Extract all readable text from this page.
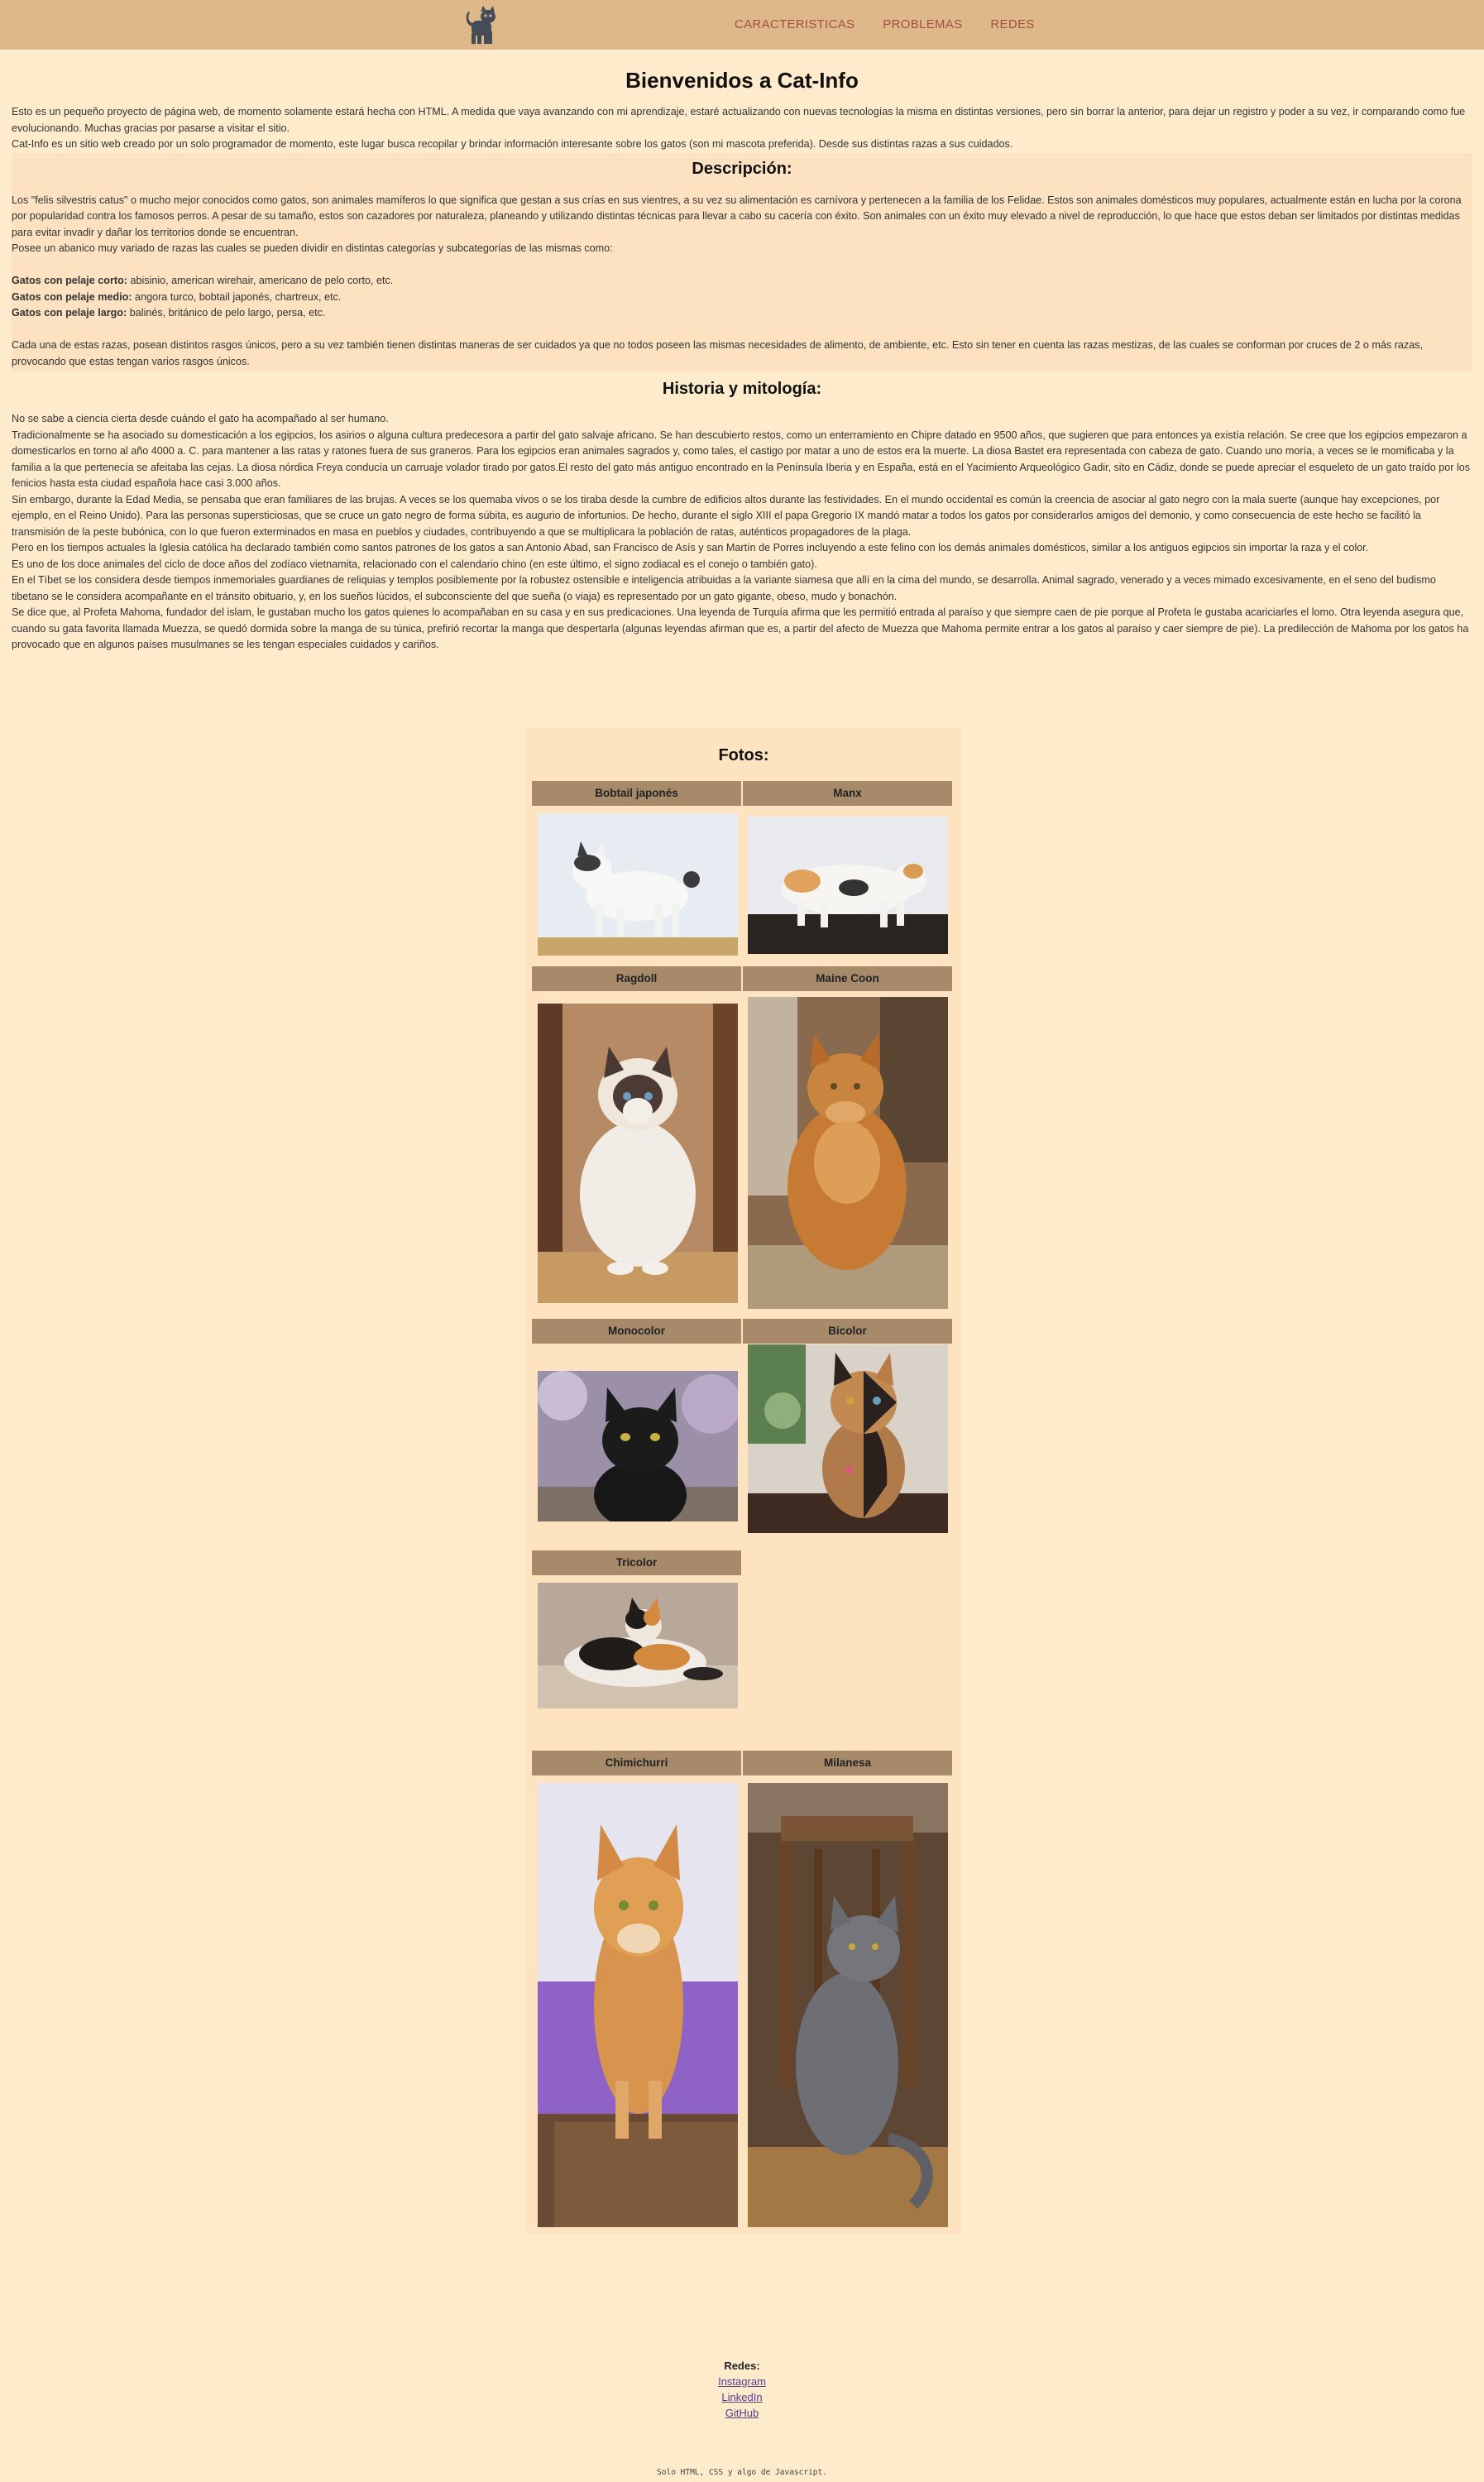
CARACTERISTICAS PROBLEMAS REDES
Bienvenidos a Cat-Info

Esto es un pequeño proyecto de página web, de momento solamente estará hecha con HTML. A medida que vaya avanzando con mi aprendizaje, estaré actualizando con nuevas tecnologías la misma en distintas versiones, pero sin borrar la anterior, para dejar un registro y poder a su vez, ir comparando como fue evolucionando. Muchas gracias por pasarse a visitar el sitio.

Cat-Info es un sitio web creado por un solo programador de momento, este lugar busca recopilar y brindar información interesante sobre los gatos (son mi mascota preferida). Desde sus distintas razas a sus cuidados.

Descripción:

Los "felis silvestris catus" o mucho mejor conocidos como gatos, son animales mamíferos lo que significa que gestan a sus crías en sus vientres, a su vez su alimentación es carnívora y pertenecen a la familia de los Felidae. Estos son animales domésticos muy populares, actualmente están en lucha por la corona por popularidad contra los famosos perros. A pesar de su tamaño, estos son cazadores por naturaleza, planeando y utilizando distintas técnicas para llevar a cabo su cacería con éxito. Son animales con un éxito muy elevado a nivel de reproducción, lo que hace que estos deban ser limitados por distintas medidas para evitar invadir y dañar los territorios donde se encuentran.

Posee un abanico muy variado de razas las cuales se pueden dividir en distintas categorías y subcategorías de las mismas como:

Gatos con pelaje corto: abisinio, american wirehair, americano de pelo corto, etc.

Gatos con pelaje medio: angora turco, bobtail japonés, chartreux, etc.

Gatos con pelaje largo: balinés, británico de pelo largo, persa, etc.

Cada una de estas razas, posean distintos rasgos únicos, pero a su vez también tienen distintas maneras de ser cuidados ya que no todos poseen las mismas necesidades de alimento, de ambiente, etc. Esto sin tener en cuenta las razas mestizas, de las cuales se conforman por cruces de 2 o más razas, provocando que estas tengan varios rasgos únicos.

Historia y mitología:

No se sabe a ciencia cierta desde cuándo el gato ha acompañado al ser humano.

Tradicionalmente se ha asociado su domesticación a los egipcios, los asirios o alguna cultura predecesora a partir del gato salvaje africano. Se han descubierto restos, como un enterramiento en Chipre datado en 9500 años, que sugieren que para entonces ya existía relación. Se cree que los egipcios empezaron a domesticarlos en torno al año 4000 a. C. para mantener a las ratas y ratones fuera de sus graneros. Para los egipcios eran animales sagrados y, como tales, el castigo por matar a uno de estos era la muerte. La diosa Bastet era representada con cabeza de gato. Cuando uno moría, a veces se le momificaba y la familia a la que pertenecía se afeitaba las cejas. La diosa nórdica Freya conducía un carruaje volador tirado por gatos.El resto del gato más antiguo encontrado en la Península Iberia y en España, está en el Yacimiento Arqueológico Gadir, sito en Cádiz, donde se puede apreciar el esqueleto de un gato traído por los fenicios hasta esta ciudad española hace casi 3.000 años.

Sin embargo, durante la Edad Media, se pensaba que eran familiares de las brujas. A veces se los quemaba vivos o se los tiraba desde la cumbre de edificios altos durante las festividades. En el mundo occidental es común la creencia de asociar al gato negro con la mala suerte (aunque hay excepciones, por ejemplo, en el Reino Unido). Para las personas supersticiosas, que se cruce un gato negro de forma súbita, es augurio de infortunios. De hecho, durante el siglo XIII el papa Gregorio IX mandó matar a todos los gatos por considerarlos amigos del demonio, y como consecuencia de este hecho se facilitó la transmisión de la peste bubónica, con lo que fueron exterminados en masa en pueblos y ciudades, contribuyendo a que se multiplicara la población de ratas, auténticos propagadores de la plaga.

Pero en los tiempos actuales la Iglesia católica ha declarado también como santos patrones de los gatos a san Antonio Abad, san Francisco de Asís y san Martín de Porres incluyendo a este felino con los demás animales domésticos, similar a los antiguos egipcios sin importar la raza y el color.

Es uno de los doce animales del ciclo de doce años del zodíaco vietnamita, relacionado con el calendario chino (en este último, el signo zodiacal es el conejo o también gato).

En el Tíbet se los considera desde tiempos inmemoriales guardianes de reliquias y templos posiblemente por la robustez ostensible e inteligencia atribuidas a la variante siamesa que allí en la cima del mundo, se desarrolla. Animal sagrado, venerado y a veces mimado excesivamente, en el seno del budismo tibetano se le considera acompañante en el tránsito obituario, y, en los sueños lúcidos, el subconsciente del que sueña (o viaja) es representado por un gato gigante, obeso, mudo y bonachón.

Se dice que, al Profeta Mahoma, fundador del islam, le gustaban mucho los gatos quienes lo acompañaban en su casa y en sus predicaciones. Una leyenda de Turquía afirma que les permitió entrada al paraíso y que siempre caen de pie porque al Profeta le gustaba acariciarles el lomo. Otra leyenda asegura que, cuando su gata favorita llamada Muezza, se quedó dormida sobre la manga de su túnica, prefirió recortar la manga que despertarla (algunas leyendas afirman que es, a partir del afecto de Muezza que Mahoma permite entrar a los gatos al paraíso y caer siempre de pie). La predilección de Mahoma por los gatos ha provocado que en algunos países musulmanes se les tengan especiales cuidados y cariños.

Fotos:
Bobtail japonés	Manx
Ragdoll	Maine Coon
Monocolor	Bicolor
Tricolor
Chimichurri	Milanesa
Redes:
Instagram
LinkedIn
GitHub
Solo HTML, CSS y algo de Javascript.
